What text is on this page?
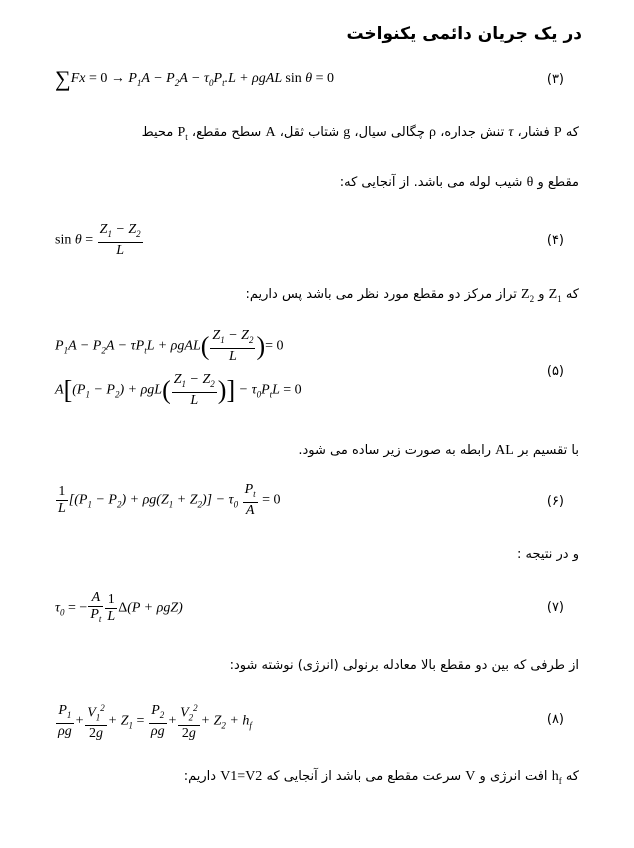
در یک جریان دائمی یکنواخت
$\sum Fx = 0 \to P_1A - P_2A - \tau_0P_t.L + \rho gAL$ sin θ = 0	(۳)
که P فشار، τ تنش جداره، ρ چگالی سیال، g شتاب ثقل، A سطح مقطع، $P_t$ محیط
مقطع و θ شیب لوله می باشد. از آنجایی که:
$\sin \theta = \frac{Z_1 - Z_2}{L}$	(۴)
که $Z_1$ و $Z_2$ تراز مرکز دو مقطع مورد نظر می باشد پس داریم:
$P_1A - P_2A - \tau P_tL + \rho gAL( \frac{Z_1 - Z_2}{L}$ )= 0
$A[(P_1 - P_2) + \rho gL( \frac{Z_1 - Z_2}{L}$ )] − $\tau_0P_tL = 0$
(۵)
با تقسیم بر AL رابطه به صورت زیر ساده می شود.
$\frac{1}{L} [(P_1 - P_2) + \rho g(Z_1 + Z_2)] - \tau_0 \frac{P_t}{A} = 0$	(۶)
و در نتیجه :
$\tau_0$ = − $\frac{A}{P_t} \frac{1}{L} \Delta(P + \rho gZ)$	(۷)
از طرفی که بین دو مقطع بالا معادله برنولی (انرژی) نوشته شود:
$\frac{P_1}{\rho g} + \frac{V_1^2}{2g} + Z_1 = \frac{P_2}{\rho g} + \frac{V_2^2}{2g} + Z_2 + h_f$	(۸)
که $h_f$ افت انرژی و V سرعت مقطع می باشد از آنجایی که V1=V2 داریم:
